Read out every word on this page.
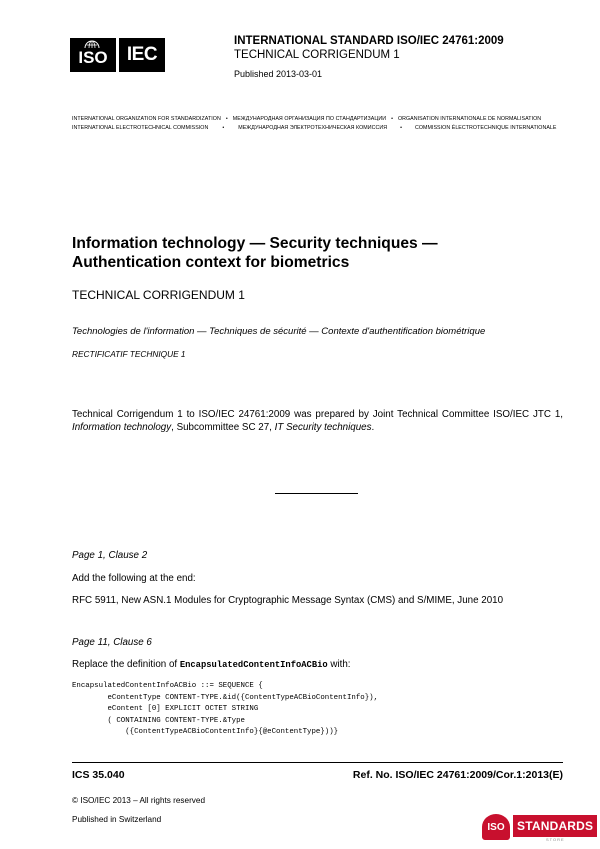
ISO IEC
INTERNATIONAL STANDARD ISO/IEC 24761:2009
TECHNICAL CORRIGENDUM 1
Published 2013-03-01
INTERNATIONAL ORGANIZATION FOR STANDARDIZATION • МЕЖДУНАРОДНАЯ ОРГАНИЗАЦИЯ ПО СТАНДАРТИЗАЦИИ • ORGANISATION INTERNATIONALE DE NORMALISATION
INTERNATIONAL ELECTROTECHNICAL COMMISSION	•	МЕЖДУНАРОДНАЯ ЭЛЕКТРОТЕХНИЧЕСКАЯ КОМИССИЯ • COMMISSION ÉLECTROTECHNIQUE INTERNATIONALE
Information technology — Security techniques —
Authentication context for biometrics
TECHNICAL CORRIGENDUM 1
Technologies de l'information — Techniques de sécurité — Contexte d'authentification biométrique
RECTIFICATIF TECHNIQUE 1
Technical Corrigendum 1 to ISO/IEC 24761:2009 was prepared by Joint Technical Committee ISO/IEC JTC 1, Information technology, Subcommittee SC 27, IT Security techniques.
Page 1, Clause 2
Add the following at the end:
RFC 5911, New ASN.1 Modules for Cryptographic Message Syntax (CMS) and S/MIME, June 2010
Page 11, Clause 6
Replace the definition of EncapsulatedContentInfoACBio with:
EncapsulatedContentInfoACBio ::= SEQUENCE {
eContentType CONTENT-TYPE.&id({ContentTypeACBioContentInfo}),
eContent [0] EXPLICIT OCTET STRING
( CONTAINING CONTENT-TYPE.&Type
({ContentTypeACBioContentInfo}{@eContentType}))}
ICS 35.040	Ref. No. ISO/IEC 24761:2009/Cor.1:2013(E)
© ISO/IEC 2013 – All rights reserved
Published in Switzerland
ISO	STANDARDS
STORE
